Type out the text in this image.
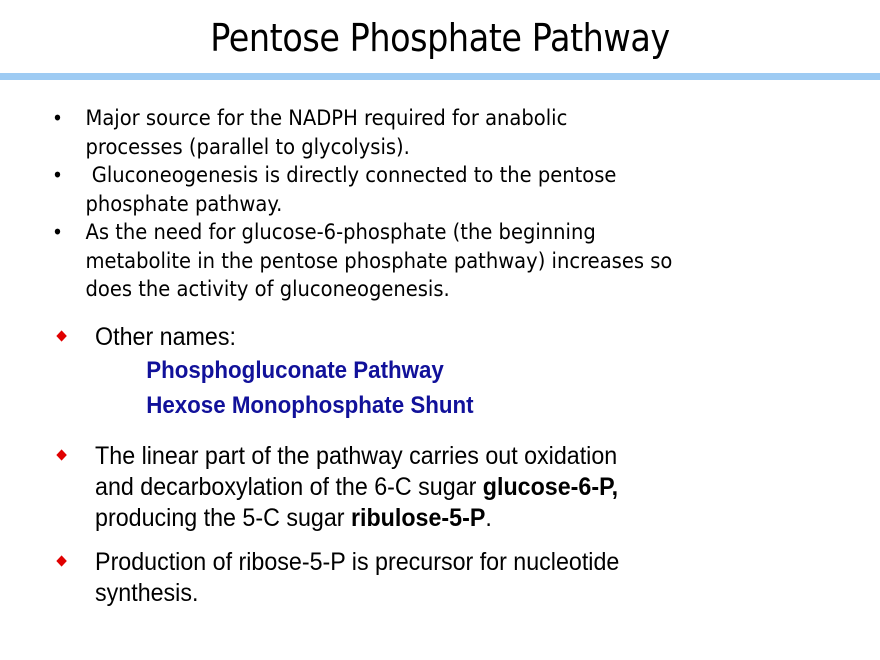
Pentose Phosphate Pathway
• Major source for the NADPH required for anabolic
processes (parallel to glycolysis).
• Gluconeogenesis is directly connected to the pentose
phosphate pathway.
• As the need for glucose-6-phosphate (the beginning
metabolite in the pentose phosphate pathway) increases so
does the activity of gluconeogenesis.
Other names:
Phosphogluconate Pathway
Hexose Monophosphate Shunt
The linear part of the pathway carries out oxidation
and decarboxylation of the 6-C sugar glucose-6-P,
producing the 5-C sugar ribulose-5-P.
Production of ribose-5-P is precursor for nucleotide
synthesis.
